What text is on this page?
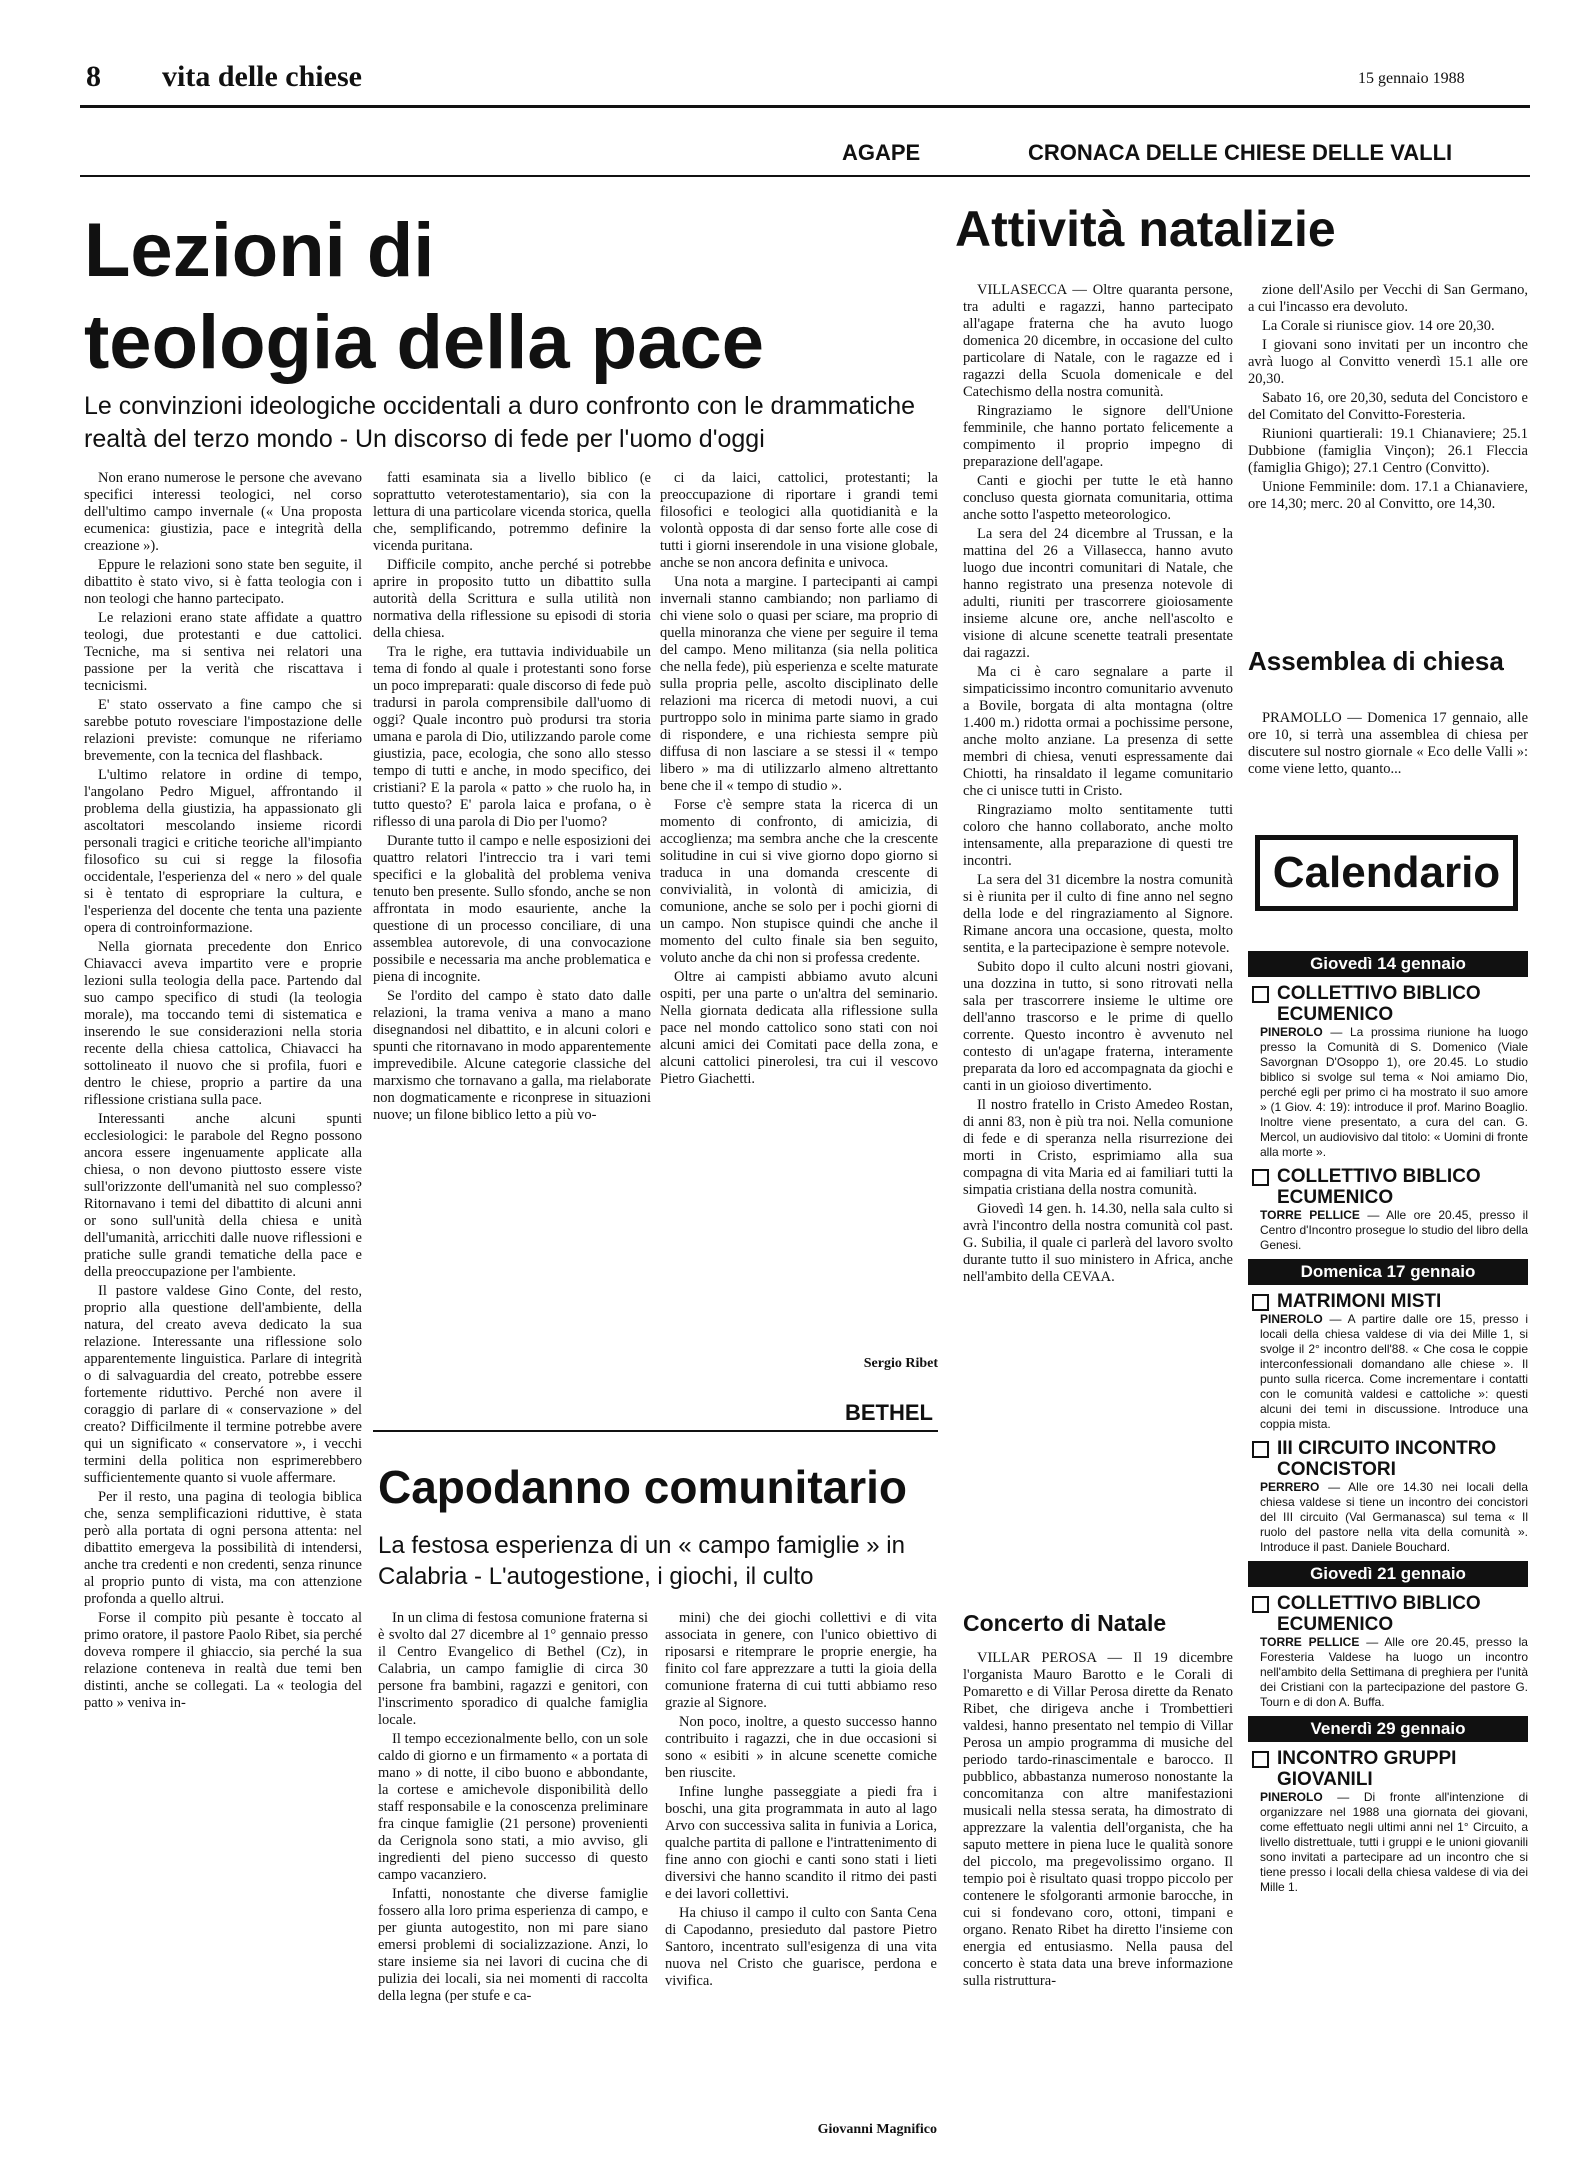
8 vita delle chiese	15 gennaio 1988
AGAPE	CRONACA DELLE CHIESE DELLE VALLI
Lezioni di
teologia della pace
Le convinzioni ideologiche occidentali a duro confronto con le drammatiche realtà del terzo mondo - Un discorso di fede per l'uomo d'oggi

Non erano numerose le persone che avevano specifici interessi teologici, nel corso dell'ultimo campo invernale (« Una proposta ecumenica: giustizia, pace e integrità della creazione »).

Eppure le relazioni sono state ben seguite, il dibattito è stato vivo, si è fatta teologia con i non teologi che hanno partecipato.

Le relazioni erano state affidate a quattro teologi, due protestanti e due cattolici. Tecniche, ma si sentiva nei relatori una passione per la verità che riscattava i tecnicismi.

E' stato osservato a fine campo che si sarebbe potuto rovesciare l'impostazione delle relazioni previste: comunque ne riferiamo brevemente, con la tecnica del flashback.

L'ultimo relatore in ordine di tempo, l'angolano Pedro Miguel, affrontando il problema della giustizia, ha appassionato gli ascoltatori mescolando insieme ricordi personali tragici e critiche teoriche all'impianto filosofico su cui si regge la filosofia occidentale, l'esperienza del « nero » del quale si è tentato di espropriare la cultura, e l'esperienza del docente che tenta una paziente opera di controinformazione.

Nella giornata precedente don Enrico Chiavacci aveva impartito vere e proprie lezioni sulla teologia della pace. Partendo dal suo campo specifico di studi (la teologia morale), ma toccando temi di sistematica e inserendo le sue considerazioni nella storia recente della chiesa cattolica, Chiavacci ha sottolineato il nuovo che si profila, fuori e dentro le chiese, proprio a partire da una riflessione cristiana sulla pace.

Interessanti anche alcuni spunti ecclesiologici: le parabole del Regno possono ancora essere ingenuamente applicate alla chiesa, o non devono piuttosto essere viste sull'orizzonte dell'umanità nel suo complesso? Ritornavano i temi del dibattito di alcuni anni or sono sull'unità della chiesa e unità dell'umanità, arricchiti dalle nuove riflessioni e pratiche sulle grandi tematiche della pace e della preoccupazione per l'ambiente.

Il pastore valdese Gino Conte, del resto, proprio alla questione dell'ambiente, della natura, del creato aveva dedicato la sua relazione. Interessante una riflessione solo apparentemente linguistica. Parlare di integrità o di salvaguardia del creato, potrebbe essere fortemente riduttivo. Perché non avere il coraggio di parlare di « conservazione » del creato? Difficilmente il termine potrebbe avere qui un significato « conservatore », i vecchi termini della politica non esprimerebbero sufficientemente quanto si vuole affermare.

Per il resto, una pagina di teologia biblica che, senza semplificazioni riduttive, è stata però alla portata di ogni persona attenta: nel dibattito emergeva la possibilità di intendersi, anche tra credenti e non credenti, senza rinunce al proprio punto di vista, ma con attenzione profonda a quello altrui.

Forse il compito più pesante è toccato al primo oratore, il pastore Paolo Ribet, sia perché doveva rompere il ghiaccio, sia perché la sua relazione conteneva in realtà due temi ben distinti, anche se collegati. La « teologia del patto » veniva in-

fatti esaminata sia a livello biblico (e soprattutto veterotestamentario), sia con la lettura di una particolare vicenda storica, quella che, semplificando, potremmo definire la vicenda puritana.

Difficile compito, anche perché si potrebbe aprire in proposito tutto un dibattito sulla autorità della Scrittura e sulla utilità non normativa della riflessione su episodi di storia della chiesa.

Tra le righe, era tuttavia individuabile un tema di fondo al quale i protestanti sono forse un poco impreparati: quale discorso di fede può tradursi in parola comprensibile dall'uomo di oggi? Quale incontro può prodursi tra storia umana e parola di Dio, utilizzando parole come giustizia, pace, ecologia, che sono allo stesso tempo di tutti e anche, in modo specifico, dei cristiani? E la parola « patto » che ruolo ha, in tutto questo? E' parola laica e profana, o è riflesso di una parola di Dio per l'uomo?

Durante tutto il campo e nelle esposizioni dei quattro relatori l'intreccio tra i vari temi specifici e la globalità del problema veniva tenuto ben presente. Sullo sfondo, anche se non affrontata in modo esauriente, anche la questione di un processo conciliare, di una assemblea autorevole, di una convocazione possibile e necessaria ma anche problematica e piena di incognite.

Se l'ordito del campo è stato dato dalle relazioni, la trama veniva a mano a mano disegnandosi nel dibattito, e in alcuni colori e spunti che ritornavano in modo apparentemente imprevedibile. Alcune categorie classiche del marxismo che tornavano a galla, ma rielaborate non dogmaticamente e riconprese in situazioni nuove; un filone biblico letto a più vo-

ci da laici, cattolici, protestanti; la preoccupazione di riportare i grandi temi filosofici e teologici alla quotidianità e la volontà opposta di dar senso forte alle cose di tutti i giorni inserendole in una visione globale, anche se non ancora definita e univoca.

Una nota a margine. I partecipanti ai campi invernali stanno cambiando; non parliamo di chi viene solo o quasi per sciare, ma proprio di quella minoranza che viene per seguire il tema del campo. Meno militanza (sia nella politica che nella fede), più esperienza e scelte maturate sulla propria pelle, ascolto disciplinato delle relazioni ma ricerca di metodi nuovi, a cui purtroppo solo in minima parte siamo in grado di rispondere, e una richiesta sempre più diffusa di non lasciare a se stessi il « tempo libero » ma di utilizzarlo almeno altrettanto bene che il « tempo di studio ».

Forse c'è sempre stata la ricerca di un momento di confronto, di amicizia, di accoglienza; ma sembra anche che la crescente solitudine in cui si vive giorno dopo giorno si traduca in una domanda crescente di convivialità, in volontà di amicizia, di comunione, anche se solo per i pochi giorni di un campo. Non stupisce quindi che anche il momento del culto finale sia ben seguito, voluto anche da chi non si professa credente.

Oltre ai campisti abbiamo avuto alcuni ospiti, per una parte o un'altra del seminario. Nella giornata dedicata alla riflessione sulla pace nel mondo cattolico sono stati con noi alcuni amici dei Comitati pace della zona, e alcuni cattolici pinerolesi, tra cui il vescovo Pietro Giachetti.

Sergio Ribet
BETHEL
Capodanno comunitario
La festosa esperienza di un « campo famiglie » in Calabria - L'autogestione, i giochi, il culto

In un clima di festosa comunione fraterna si è svolto dal 27 dicembre al 1° gennaio presso il Centro Evangelico di Bethel (Cz), in Calabria, un campo famiglie di circa 30 persone fra bambini, ragazzi e genitori, con l'inscrimento sporadico di qualche famiglia locale.

Il tempo eccezionalmente bello, con un sole caldo di giorno e un firmamento « a portata di mano » di notte, il cibo buono e abbondante, la cortese e amichevole disponibilità dello staff responsabile e la conoscenza preliminare fra cinque famiglie (21 persone) provenienti da Cerignola sono stati, a mio avviso, gli ingredienti del pieno successo di questo campo vacanziero.

Infatti, nonostante che diverse famiglie fossero alla loro prima esperienza di campo, e per giunta autogestito, non mi pare siano emersi problemi di socializzazione. Anzi, lo stare insieme sia nei lavori di cucina che di pulizia dei locali, sia nei momenti di raccolta della legna (per stufe e ca-

mini) che dei giochi collettivi e di vita associata in genere, con l'unico obiettivo di riposarsi e ritemprare le proprie energie, ha finito col fare apprezzare a tutti la gioia della comunione fraterna di cui tutti abbiamo reso grazie al Signore.

Non poco, inoltre, a questo successo hanno contribuito i ragazzi, che in due occasioni si sono « esibiti » in alcune scenette comiche ben riuscite.

Infine lunghe passeggiate a piedi fra i boschi, una gita programmata in auto al lago Arvo con successiva salita in funivia a Lorica, qualche partita di pallone e l'intrattenimento di fine anno con giochi e canti sono stati i lieti diversivi che hanno scandito il ritmo dei pasti e dei lavori collettivi.

Ha chiuso il campo il culto con Santa Cena di Capodanno, presieduto dal pastore Pietro Santoro, incentrato sull'esigenza di una vita nuova nel Cristo che guarisce, perdona e vivifica.

Giovanni Magnifico
Attività natalizie

VILLASECCA — Oltre quaranta persone, tra adulti e ragazzi, hanno partecipato all'agape fraterna che ha avuto luogo domenica 20 dicembre, in occasione del culto particolare di Natale, con le ragazze ed i ragazzi della Scuola domenicale e del Catechismo della nostra comunità.

Ringraziamo le signore dell'Unione femminile, che hanno portato felicemente a compimento il proprio impegno di preparazione dell'agape.

Canti e giochi per tutte le età hanno concluso questa giornata comunitaria, ottima anche sotto l'aspetto meteorologico.

La sera del 24 dicembre al Trussan, e la mattina del 26 a Villasecca, hanno avuto luogo due incontri comunitari di Natale, che hanno registrato una presenza notevole di adulti, riuniti per trascorrere gioiosamente insieme alcune ore, anche nell'ascolto e visione di alcune scenette teatrali presentate dai ragazzi.

Ma ci è caro segnalare a parte il simpaticissimo incontro comunitario avvenuto a Bovile, borgata di alta montagna (oltre 1.400 m.) ridotta ormai a pochissime persone, anche molto anziane. La presenza di sette membri di chiesa, venuti espressamente dai Chiotti, ha rinsaldato il legame comunitario che ci unisce tutti in Cristo.

Ringraziamo molto sentitamente tutti coloro che hanno collaborato, anche molto intensamente, alla preparazione di questi tre incontri.

La sera del 31 dicembre la nostra comunità si è riunita per il culto di fine anno nel segno della lode e del ringraziamento al Signore. Rimane ancora una occasione, questa, molto sentita, e la partecipazione è sempre notevole.

Subito dopo il culto alcuni nostri giovani, una dozzina in tutto, si sono ritrovati nella sala per trascorrere insieme le ultime ore dell'anno trascorso e le prime di quello corrente. Questo incontro è avvenuto nel contesto di un'agape fraterna, interamente preparata da loro ed accompagnata da giochi e canti in un gioioso divertimento.

Il nostro fratello in Cristo Amedeo Rostan, di anni 83, non è più tra noi. Nella comunione di fede e di speranza nella risurrezione dei morti in Cristo, esprimiamo alla sua compagna di vita Maria ed ai familiari tutti la simpatia cristiana della nostra comunità.

Giovedì 14 gen. h. 14.30, nella sala culto si avrà l'incontro della nostra comunità col past. G. Subilia, il quale ci parlerà del lavoro svolto durante tutto il suo ministero in Africa, anche nell'ambito della CEVAA.

zione dell'Asilo per Vecchi di San Germano, a cui l'incasso era devoluto.

La Corale si riunisce giov. 14 ore 20,30.

I giovani sono invitati per un incontro che avrà luogo al Convitto venerdì 15.1 alle ore 20,30.

Sabato 16, ore 20,30, seduta del Concistoro e del Comitato del Convitto-Foresteria.

Riunioni quartierali: 19.1 Chianaviere; 25.1 Dubbione (famiglia Vinçon); 26.1 Fleccia (famiglia Ghigo); 27.1 Centro (Convitto).

Unione Femminile: dom. 17.1 a Chianaviere, ore 14,30; merc. 20 al Convitto, ore 14,30.

Assemblea di chiesa

PRAMOLLO — Domenica 17 gennaio, alle ore 10, si terrà una assemblea di chiesa per discutere sul nostro giornale « Eco delle Valli »: come viene letto, quanto...

Calendario
Giovedì 14 gennaio
COLLETTIVO BIBLICO ECUMENICO
PINEROLO — La prossima riunione ha luogo presso la Comunità di S. Domenico (Viale Savorgnan D'Osoppo 1), ore 20.45. Lo studio biblico si svolge sul tema « Noi amiamo Dio, perché egli per primo ci ha mostrato il suo amore » (1 Giov. 4: 19): introduce il prof. Marino Boaglio. Inoltre viene presentato, a cura del can. G. Mercol, un audiovisivo dal titolo: « Uomini di fronte alla morte ».
COLLETTIVO BIBLICO ECUMENICO
TORRE PELLICE — Alle ore 20.45, presso il Centro d'Incontro prosegue lo studio del libro della Genesi.
Domenica 17 gennaio
MATRIMONI MISTI
PINEROLO — A partire dalle ore 15, presso i locali della chiesa valdese di via dei Mille 1, si svolge il 2° incontro dell'88. « Che cosa le coppie interconfessionali domandano alle chiese ». Il punto sulla ricerca. Come incrementare i contatti con le comunità valdesi e cattoliche »: questi alcuni dei temi in discussione. Introduce una coppia mista.
III CIRCUITO INCONTRO CONCISTORI
PERRERO — Alle ore 14.30 nei locali della chiesa valdese si tiene un incontro dei concistori del III circuito (Val Germanasca) sul tema « Il ruolo del pastore nella vita della comunità ». Introduce il past. Daniele Bouchard.
Giovedì 21 gennaio
COLLETTIVO BIBLICO ECUMENICO
TORRE PELLICE — Alle ore 20.45, presso la Foresteria Valdese ha luogo un incontro nell'ambito della Settimana di preghiera per l'unità dei Cristiani con la partecipazione del pastore G. Tourn e di don A. Buffa.
Venerdì 29 gennaio
INCONTRO GRUPPI GIOVANILI
PINEROLO — Di fronte all'intenzione di organizzare nel 1988 una giornata dei giovani, come effettuato negli ultimi anni nel 1° Circuito, a livello distrettuale, tutti i gruppi e le unioni giovanili sono invitati a partecipare ad un incontro che si tiene presso i locali della chiesa valdese di via dei Mille 1.
Concerto di Natale

VILLAR PEROSA — Il 19 dicembre l'organista Mauro Barotto e le Corali di Pomaretto e di Villar Perosa dirette da Renato Ribet, che dirigeva anche i Trombettieri valdesi, hanno presentato nel tempio di Villar Perosa un ampio programma di musiche del periodo tardo-rinascimentale e barocco. Il pubblico, abbastanza numeroso nonostante la concomitanza con altre manifestazioni musicali nella stessa serata, ha dimostrato di apprezzare la valentia dell'organista, che ha saputo mettere in piena luce le qualità sonore del piccolo, ma pregevolissimo organo. Il tempio poi è risultato quasi troppo piccolo per contenere le sfolgoranti armonie barocche, in cui si fondevano coro, ottoni, timpani e organo. Renato Ribet ha diretto l'insieme con energia ed entusiasmo. Nella pausa del concerto è stata data una breve informazione sulla ristruttura-
